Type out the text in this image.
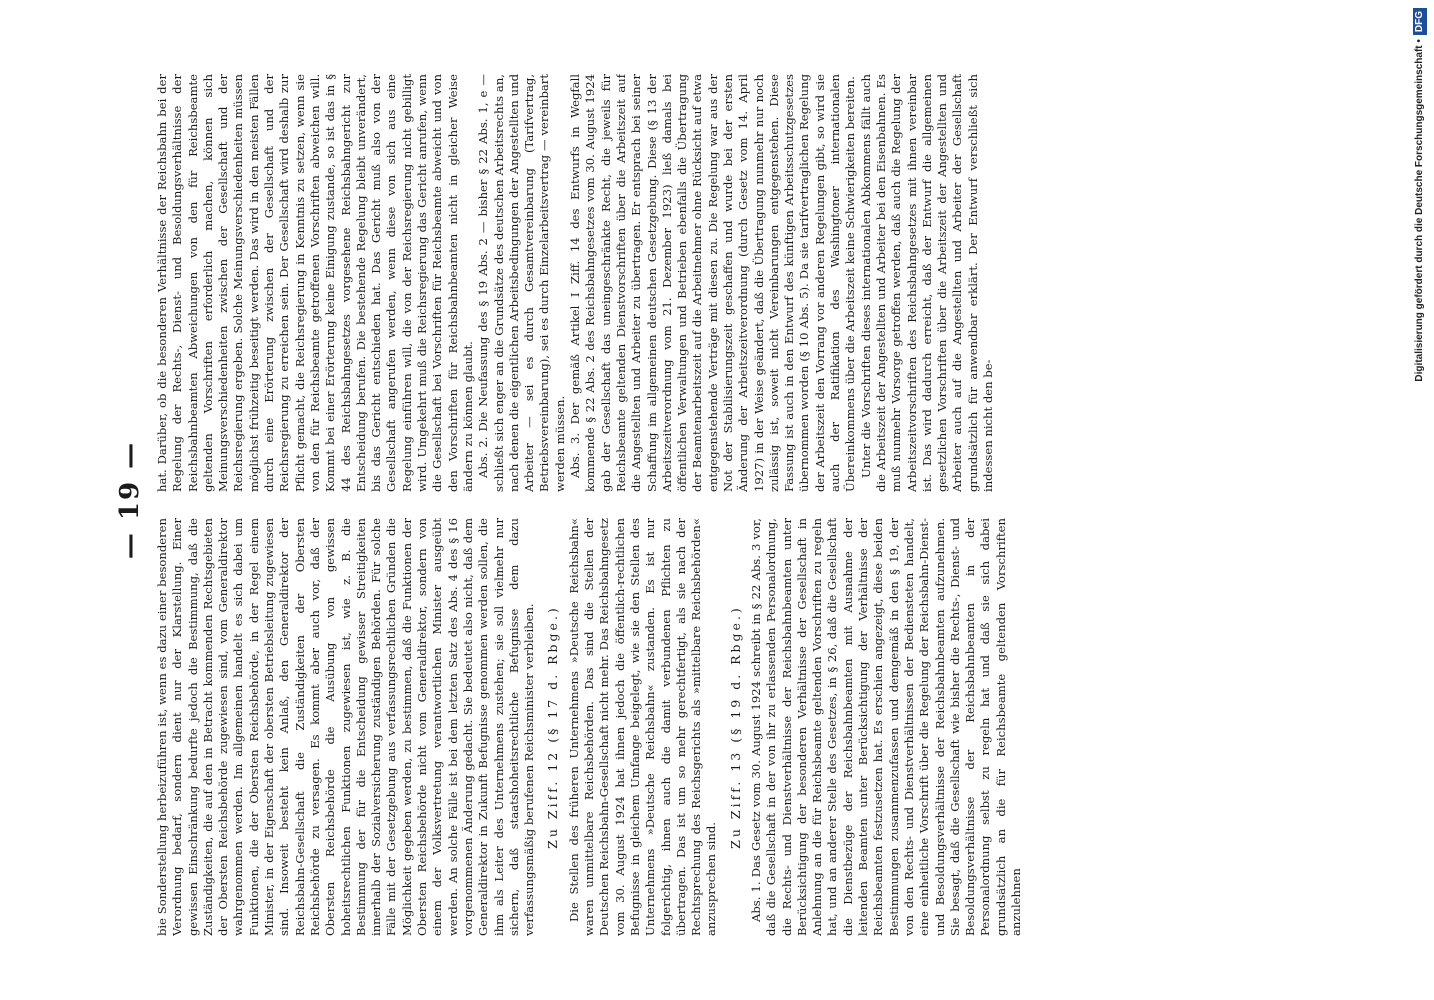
— 19 —

bie Sonderstellung herbeizuführen ist, wenn es dazu einer besonderen Verordnung bedarf, sondern dient nur der Klarstellung. Einer gewissen Einschränkung bedurfte jedoch die Bestimmung, daß die Zuständigkeiten, die auf den in Betracht kommenden Rechtsgebieten der Obersten Reichsbehörde zugewiesen sind, vom Generaldirektor wahrgenommen werden. Im allgemeinen handelt es sich dabei um Funktionen, die der Obersten Reichsbehörde, in der Regel einem Minister, in der Eigenschaft der obersten Betriebsleitung zugewiesen sind. Insoweit besteht kein Anlaß, den Generaldirektor der Reichsbahn-Gesellschaft die Zuständigkeiten der Obersten Reichsbehörde zu versagen. Es kommt aber auch vor, daß der Obersten Reichsbehörde die Ausübung von gewissen hoheitsrechtlichen Funktionen zugewiesen ist, wie z. B. die Bestimmung der für die Entscheidung gewisser Streitigkeiten innerhalb der Sozialversicherung zuständigen Behörden. Für solche Fälle mit der Gesetzgebung aus verfassungsrechtlichen Gründen die Möglichkeit gegeben werden, zu bestimmen, daß die Funktionen der Obersten Reichsbehörde nicht vom Generaldirektor, sondern von einem der Volksvertretung verantwortlichen Minister ausgeübt werden. An solche Fälle ist bei dem letzten Satz des Abs. 4 des § 16 vorgenommenen Änderung gedacht. Sie bedeutet also nicht, daß dem Generaldirektor in Zukunft Befugnisse genommen werden sollen, die ihm als Leiter des Unternehmens zustehen; sie soll vielmehr nur sichern, daß staatshoheitsrechtliche Befugnisse dem dazu verfassungsmäßig berufenen Reichsminister verbleiben. Zu Ziff. 12 (§ 17 d. Rbge.) Die Stellen des früheren Unternehmens »Deutsche Reichsbahn« waren unmittelbare Reichsbehörden. Das sind die Stellen der Deutschen Reichsbahn-Gesellschaft nicht mehr. Das Reichsbahngesetz vom 30. August 1924 hat ihnen jedoch die öffentlich-rechtlichen Befugnisse in gleichem Umfange beigelegt, wie sie den Stellen des Unternehmens »Deutsche Reichsbahn« zustanden. Es ist nur folgerichtig, ihnen auch die damit verbundenen Pflichten zu übertragen. Das ist um so mehr gerechtfertigt, als sie nach der Rechtsprechung des Reichsgerichts als »mittelbare Reichsbehörden« anzusprechen sind.

Zu Ziff. 13 (§ 19 d. Rbge.) Abs. 1. Das Gesetz vom 30. August 1924 schreibt in § 22 Abs. 3 vor, daß die Gesellschaft in der von ihr zu erlassenden Personalordnung, die Rechts- und Dienstverhältnisse der Reichsbahnbeamten unter Berücksichtigung der besonderen Verhältnisse der Gesellschaft in Anlehnung an die für Reichsbeamte geltenden Vorschriften zu regeln hat, und an anderer Stelle des Gesetzes, in § 26, daß die Gesellschaft die Dienstbezüge der Reichsbahnbeamten mit Ausnahme der leitenden Beamten unter Berücksichtigung der Verhältnisse der Reichsbeamten festzusetzen hat. Es erschien angezeigt, diese beiden Bestimmungen zusammenzufassen und demgemäß in den § 19, der von den Rechts- und Dienstverhältnissen der Bediensteten handelt, eine einheitliche Vorschrift über die Regelung der Reichsbahn-Dienst- und Besoldungsverhältnisse der Reichsbahnbeamten aufzunehmen. Sie besagt, daß die Gesellschaft wie bisher die Rechts-, Dienst- und Besoldungsverhältnisse der Reichsbahnbeamten in der Personalordnung selbst zu regeln hat und daß sie sich dabei grundsätzlich an die für Reichsbeamte geltenden Vorschriften anzulehnen

hat. Darüber, ob die besonderen Verhältnisse der Reichsbahn bei der Regelung der Rechts-, Dienst- und Besoldungsverhältnisse der Reichsbahnbeamten Abweichungen von den für Reichsbeamte geltenden Vorschriften erforderlich machen, können sich Meinungsverschiedenheiten zwischen der Gesellschaft und der Reichsregierung ergeben. Solche Meinungsverschiedenheiten müssen möglichst frühzeitig beseitigt werden. Das wird in den meisten Fällen durch eine Erörterung zwischen der Gesellschaft und der Reichsregierung zu erreichen sein. Der Gesellschaft wird deshalb zur Pflicht gemacht, die Reichsregierung in Kenntnis zu setzen, wenn sie von den für Reichsbeamte getroffenen Vorschriften abweichen will. Kommt bei einer Erörterung keine Einigung zustande, so ist das in § 44 des Reichsbahngesetzes vorgesehene Reichsbahngericht zur Entscheidung berufen. Die bestehende Regelung bleibt unverändert, bis das Gericht entschieden hat. Das Gericht muß also von der Gesellschaft angerufen werden, wenn diese von sich aus eine Regelung einführen will, die von der Reichsregierung nicht gebilligt wird. Umgekehrt muß die Reichsregierung das Gericht anrufen, wenn die Gesellschaft bei Vorschriften für Reichsbeamte abweicht und von den Vorschriften für Reichsbahnbeamten nicht in gleicher Weise ändern zu können glaubt. Abs. 2. Die Neufassung des § 19 Abs. 2 — bisher § 22 Abs. 1, e — schließt sich enger an die Grundsätze des deutschen Arbeitsrechts an, nach denen die eigentlichen Arbeitsbedingungen der Angestellten und Arbeiter — sei es durch Gesamtvereinbarung (Tarifvertrag, Betriebsvereinbarung), sei es durch Einzelarbeitsvertrag — vereinbart werden müssen. Abs. 3. Der gemäß Artikel I Ziff. 14 des Entwurfs in Wegfall kommende § 22 Abs. 2 des Reichsbahngesetzes vom 30. August 1924 gab der Gesellschaft das uneingeschränkte Recht, die jeweils für Reichsbeamte geltenden Dienstvorschriften über die Arbeitszeit auf die Angestellten und Arbeiter zu übertragen. Er entsprach bei seiner Schaffung im allgemeinen deutschen Gesetzgebung. Diese (§ 13 der Arbeitszeitverordnung vom 21. Dezember 1923) ließ damals bei öffentlichen Verwaltungen und Betrieben ebenfalls die Übertragung der Beamtenarbeitszeit auf die Arbeitnehmer ohne Rücksicht auf etwa entgegenstehende Verträge mit diesen zu. Die Regelung war aus der Not der Stabilisierungszeit geschaffen und wurde bei der ersten Änderung der Arbeitszeitverordnung (durch Gesetz vom 14. April 1927) in der Weise geändert, daß die Übertragung nunmehr nur noch zulässig ist, soweit nicht Vereinbarungen entgegenstehen. Diese Fassung ist auch in den Entwurf des künftigen Arbeitsschutzgesetzes übernommen worden (§ 10 Abs. 5). Da sie tarifvertraglichen Regelung der Arbeitszeit den Vorrang vor anderen Regelungen gibt, so wird sie auch der Ratifikation des Washingtoner internationalen Übereinkommens über die Arbeitszeit keine Schwierigkeiten bereiten. Unter die Vorschriften dieses internationalen Abkommens fällt auch die Arbeitszeit der Angestellten und Arbeiter bei den Eisenbahnen. Es muß nunmehr Vorsorge getroffen werden, daß auch die Regelung der Arbeitszeitvorschriften des Reichsbahngesetzes mit ihnen vereinbar ist. Das wird dadurch erreicht, daß der Entwurf die allgemeinen gesetzlichen Vorschriften über die Arbeitszeit der Angestellten und Arbeiter auch auf die Angestellten und Arbeiter der Gesellschaft grundsätzlich für anwendbar erklärt. Der Entwurf verschließt sich indessen nicht den be-

Digitalisierung gefördert durch die Deutsche Forschungsgemeinschaft •DFG
